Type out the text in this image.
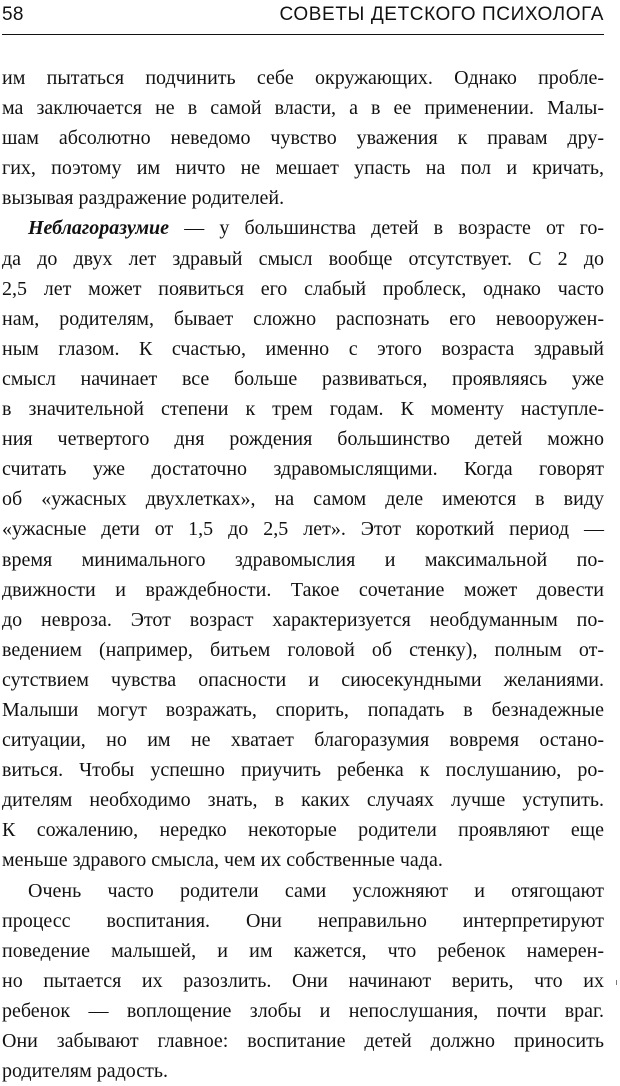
58	СОВЕТЫ ДЕТСКОГО ПСИХОЛОГА
им пытаться подчинить себе окружающих. Однако пробле-
ма заключается не в самой власти, а в ее применении. Малы-
шам абсолютно неведомо чувство уважения к правам дру-
гих, поэтому им ничто не мешает упасть на пол и кричать,
вызывая раздражение родителей.
Неблагоразумие — у большинства детей в возрасте от го-
да до двух лет здравый смысл вообще отсутствует. С 2 до
2,5 лет может появиться его слабый проблеск, однако часто
нам, родителям, бывает сложно распознать его невооружен-
ным глазом. К счастью, именно с этого возраста здравый
смысл начинает все больше развиваться, проявляясь уже
в значительной степени к трем годам. К моменту наступле-
ния четвертого дня рождения большинство детей можно
считать уже достаточно здравомыслящими. Когда говорят
об «ужасных двухлетках», на самом деле имеются в виду
«ужасные дети от 1,5 до 2,5 лет». Этот короткий период —
время минимального здравомыслия и максимальной по-
движности и враждебности. Такое сочетание может довести
до невроза. Этот возраст характеризуется необдуманным по-
ведением (например, битьем головой об стенку), полным от-
сутствием чувства опасности и сиюсекундными желаниями.
Малыши могут возражать, спорить, попадать в безнадежные
ситуации, но им не хватает благоразумия вовремя остано-
виться. Чтобы успешно приучить ребенка к послушанию, ро-
дителям необходимо знать, в каких случаях лучше уступить.
К сожалению, нередко некоторые родители проявляют еще
меньше здравого смысла, чем их собственные чада.
Очень часто родители сами усложняют и отягощают
процесс воспитания. Они неправильно интерпретируют
поведение малышей, и им кажется, что ребенок намерен-
но пытается их разозлить. Они начинают верить, что их
ребенок — воплощение злобы и непослушания, почти враг.
Они забывают главное: воспитание детей должно приносить
родителям радость.
